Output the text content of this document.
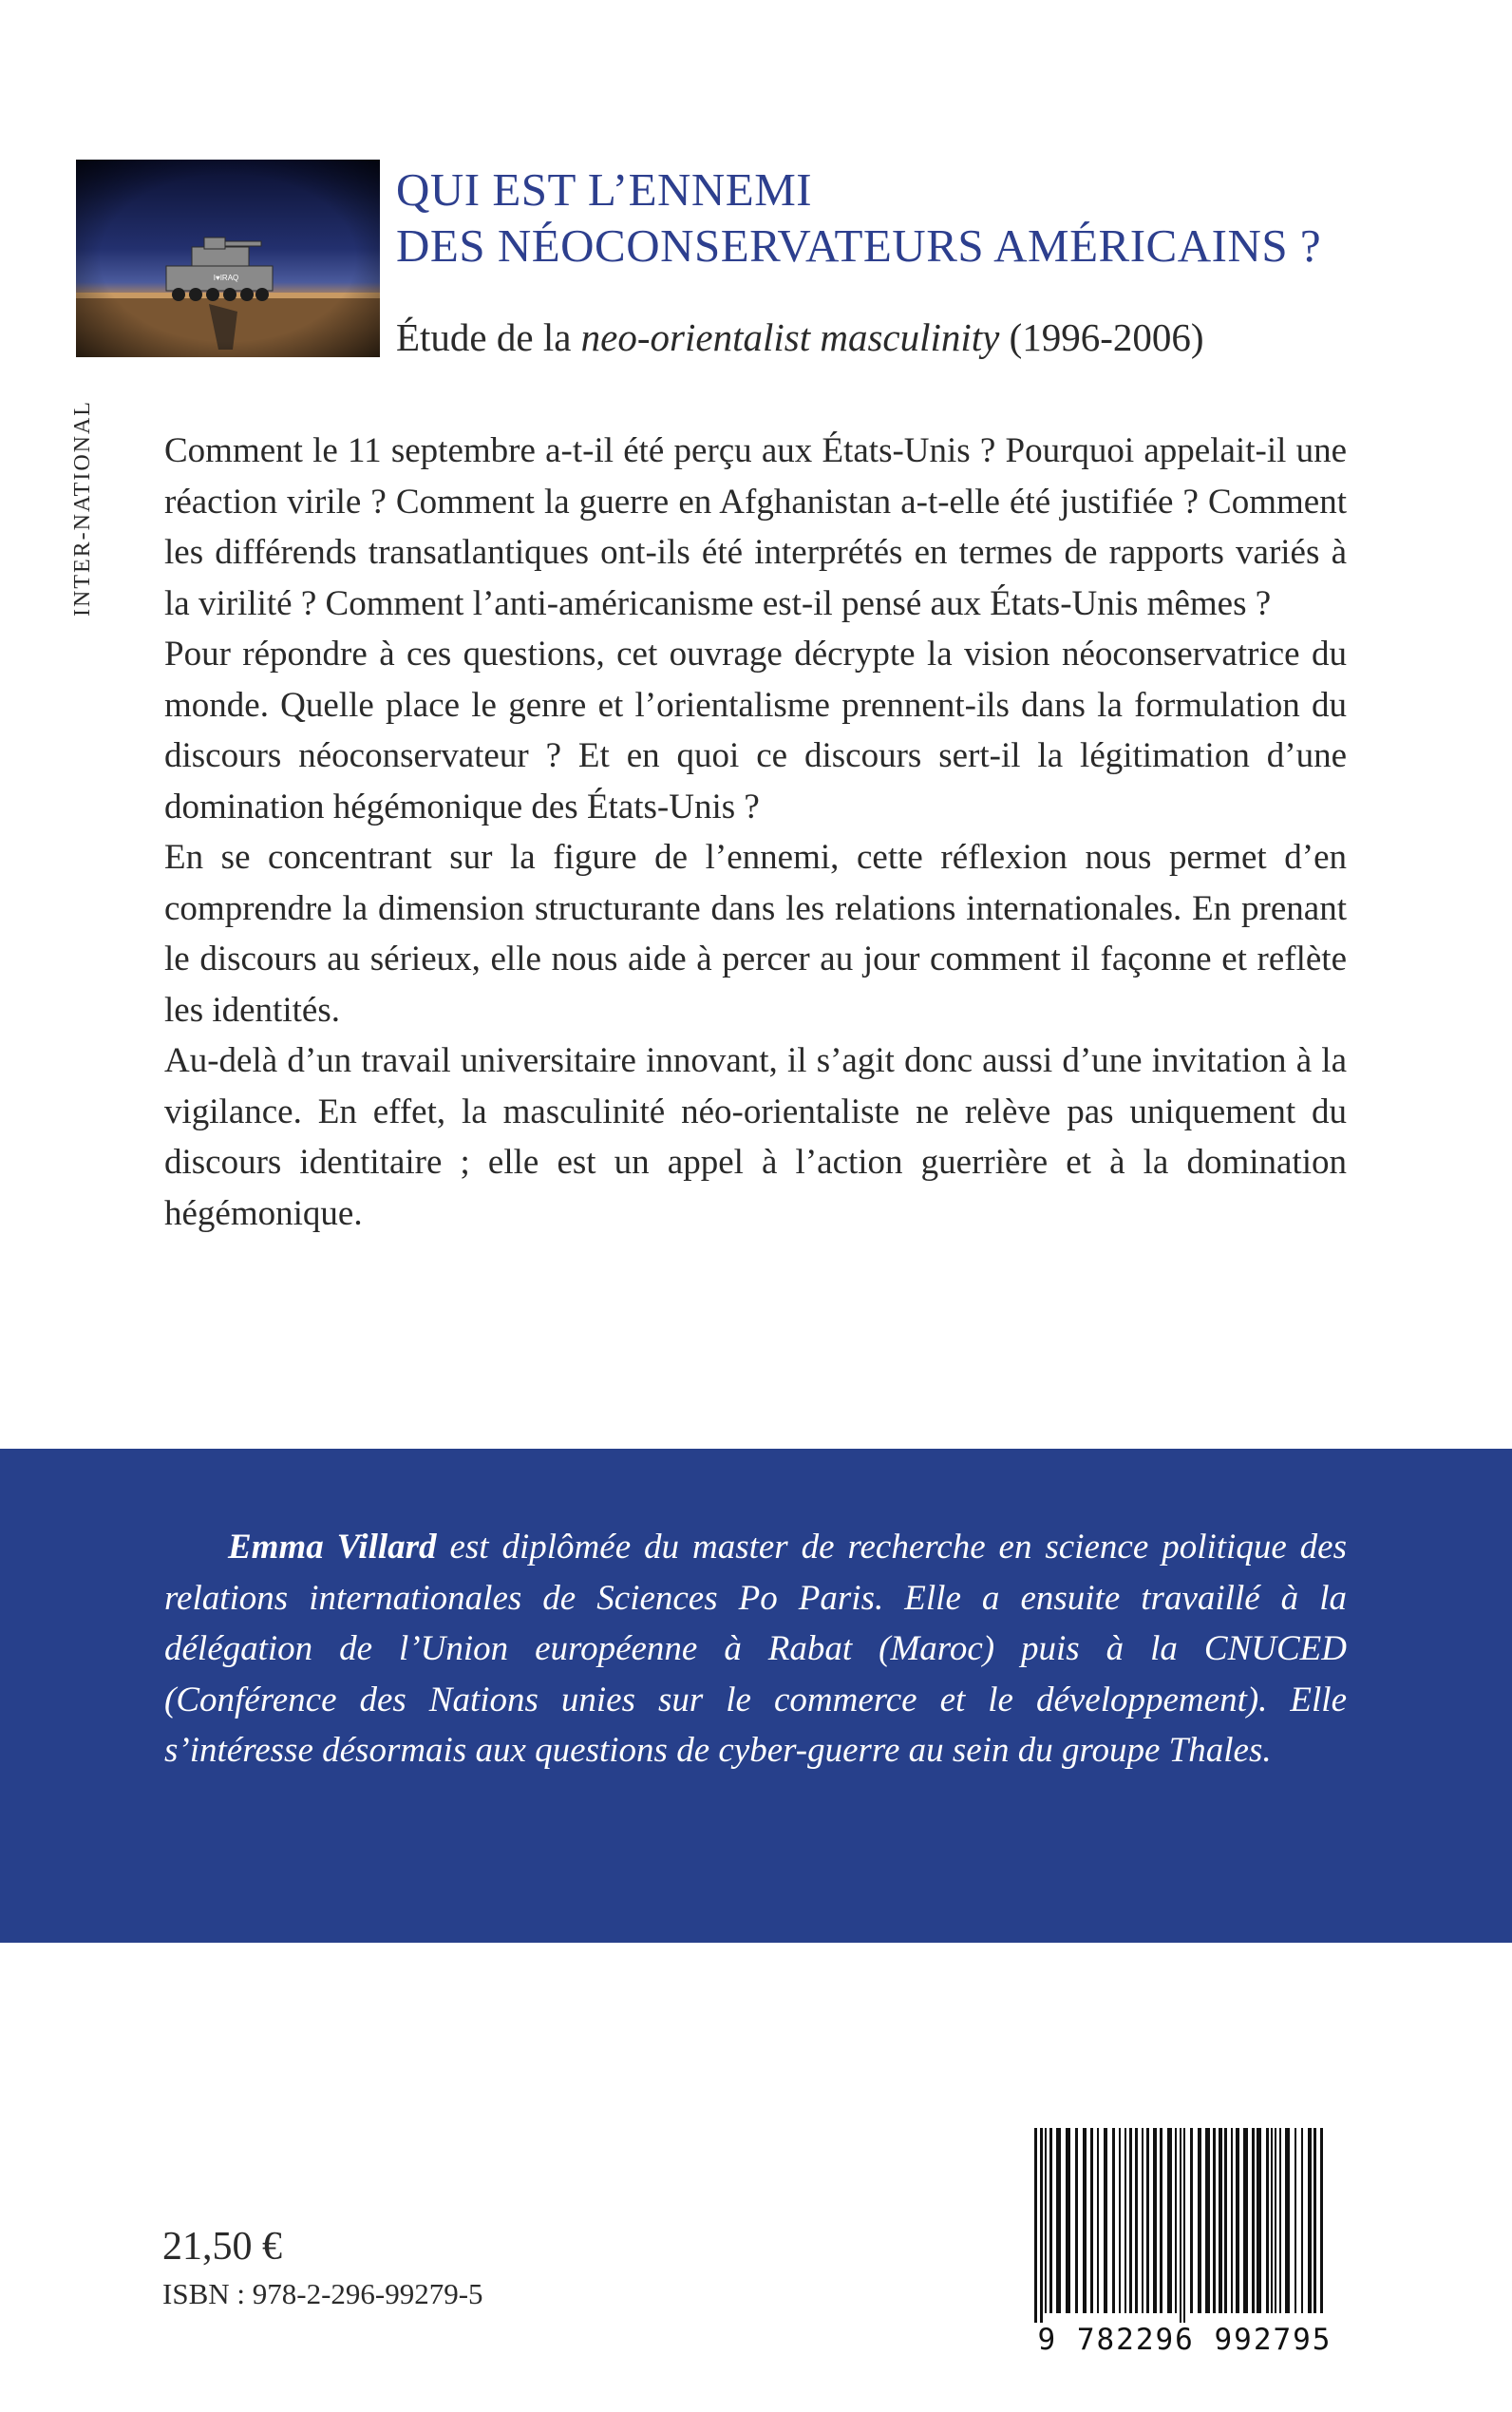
QUI EST L’ENNEMI
DES NÉOCONSERVATEURS AMÉRICAINS ?
Étude de la neo-orientalist masculinity (1996-2006)
INTER-NATIONAL	Comment le 11 septembre a-t-il été perçu aux États-Unis ? Pourquoi appelait-il une réaction virile ? Comment la guerre en Afghanistan a-t-elle été justifiée ? Comment les différends transatlantiques ont-ils été interprétés en termes de rapports variés à la virilité ? Comment l’anti-américanisme est-il pensé aux États-Unis mêmes ?

Pour répondre à ces questions, cet ouvrage décrypte la vision néoconservatrice du monde. Quelle place le genre et l’orientalisme prennent-ils dans la formulation du discours néoconservateur ? Et en quoi ce discours sert-il la légitimation d’une domination hégémonique des États-Unis ?

En se concentrant sur la figure de l’ennemi, cette réflexion nous permet d’en comprendre la dimension structurante dans les relations internationales. En prenant le discours au sérieux, elle nous aide à percer au jour comment il façonne et reflète les identités.

Au-delà d’un travail universitaire innovant, il s’agit donc aussi d’une invitation à la vigilance. En effet, la masculinité néo-orientaliste ne relève pas uniquement du discours identitaire ; elle est un appel à l’action guerrière et à la domination hégémonique.

Emma Villard est diplômée du master de recherche en science politique des relations internationales de Sciences Po Paris. Elle a ensuite travaillé à la délégation de l’Union européenne à Rabat (Maroc) puis à la CNUCED (Conférence des Nations unies sur le commerce et le développement). Elle s’intéresse désormais aux questions de cyber-guerre au sein du groupe Thales.

21,50 €
ISBN : 978-2-296-99279-5
9 782296 992795
